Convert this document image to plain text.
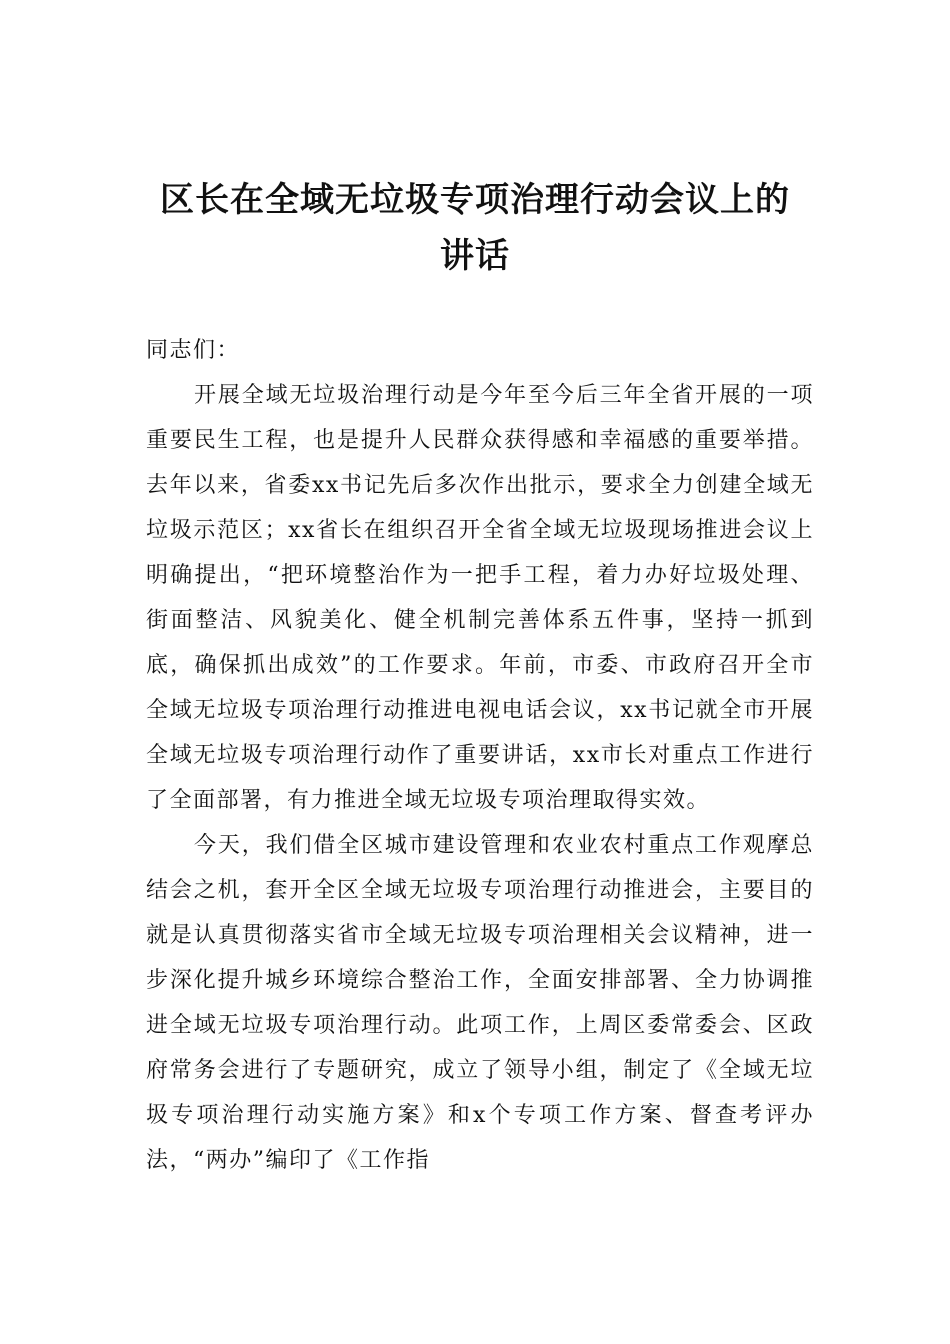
区长在全域无垃圾专项治理行动会议上的
讲话

同志们：

开展全域无垃圾治理行动是今年至今后三年全省开展的一项重要民生工程，也是提升人民群众获得感和幸福感的重要举措。去年以来，省委xx书记先后多次作出批示，要求全力创建全域无垃圾示范区；xx省长在组织召开全省全域无垃圾现场推进会议上明确提出，“把环境整治作为一把手工程，着力办好垃圾处理、街面整洁、风貌美化、健全机制完善体系五件事，坚持一抓到底，确保抓出成效”的工作要求。年前，市委、市政府召开全市全域无垃圾专项治理行动推进电视电话会议，xx书记就全市开展全域无垃圾专项治理行动作了重要讲话，xx市长对重点工作进行了全面部署，有力推进全域无垃圾专项治理取得实效。

今天，我们借全区城市建设管理和农业农村重点工作观摩总结会之机，套开全区全域无垃圾专项治理行动推进会，主要目的就是认真贯彻落实省市全域无垃圾专项治理相关会议精神，进一步深化提升城乡环境综合整治工作，全面安排部署、全力协调推进全域无垃圾专项治理行动。此项工作，上周区委常委会、区政府常务会进行了专题研究，成立了领导小组，制定了《全域无垃圾专项治理行动实施方案》和x个专项工作方案、督查考评办法，“两办”编印了《工作指
